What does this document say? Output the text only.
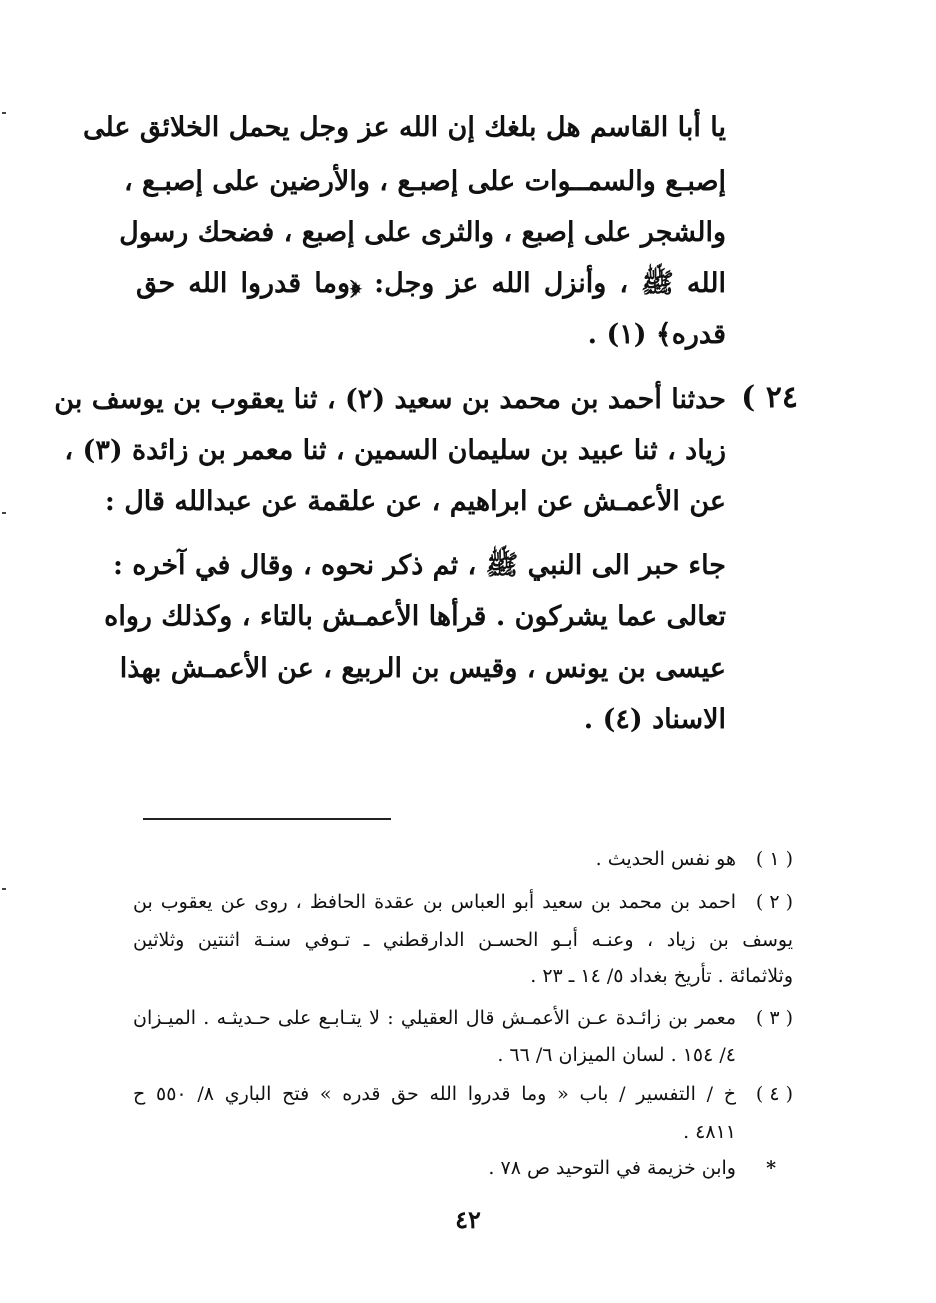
يا أبا القاسم هل بلغك إن الله عز وجل يحمل الخلائق على
إصبـع والسمــوات على إصبـع ، والأرضين على إصبـع ،
والشجر على إصبع ، والثرى على إصبع ، فضحك رسول
الله ﷺ ، وأنزل الله عز وجل: ﴿وما قدروا الله حق
قدره﴾ (١) .
٢٤ )
حدثنا أحمد بن محمد بن سعيد (٢) ، ثنا يعقوب بن يوسف بن
زياد ، ثنا عبيد بن سليمان السمين ، ثنا معمر بن زائدة (٣) ،
عن الأعمـش عن ابراهيم ، عن علقمة عن عبدالله قال :
جاء حبر الى النبي ﷺ ، ثم ذكر نحوه ، وقال في آخره :
تعالى عما يشركون . قرأها الأعمـش بالتاء ، وكذلك رواه
عيسى بن يونس ، وقيس بن الربيع ، عن الأعمـش بهذا
الاسناد (٤) .
( ١ )
هو نفس الحديث .
( ٢ )
احمد بن محمد بن سعيد أبو العباس بن عقدة الحافظ ، روى عن يعقوب بن
يوسف بن زياد ، وعنـه أبـو الحسـن الدارقطني ـ تـوفي سنـة اثنتين وثلاثين
وثلاثمائة . تأريخ بغداد ٥/ ١٤ ـ ٢٣ .
( ٣ )
معمر بن زائـدة عـن الأعمـش قال العقيلي : لا يتـابـع على حـديثـه . الميـزان
٤/ ١٥٤ . لسان الميزان ٦/ ٦٦ .
( ٤ )
خ / التفسير / باب « وما قدروا الله حق قدره » فتح الباري ٨/ ٥٥٠ ح
٤٨١١ .
*
وابن خزيمة في التوحيد ص ٧٨ .
٤٢
